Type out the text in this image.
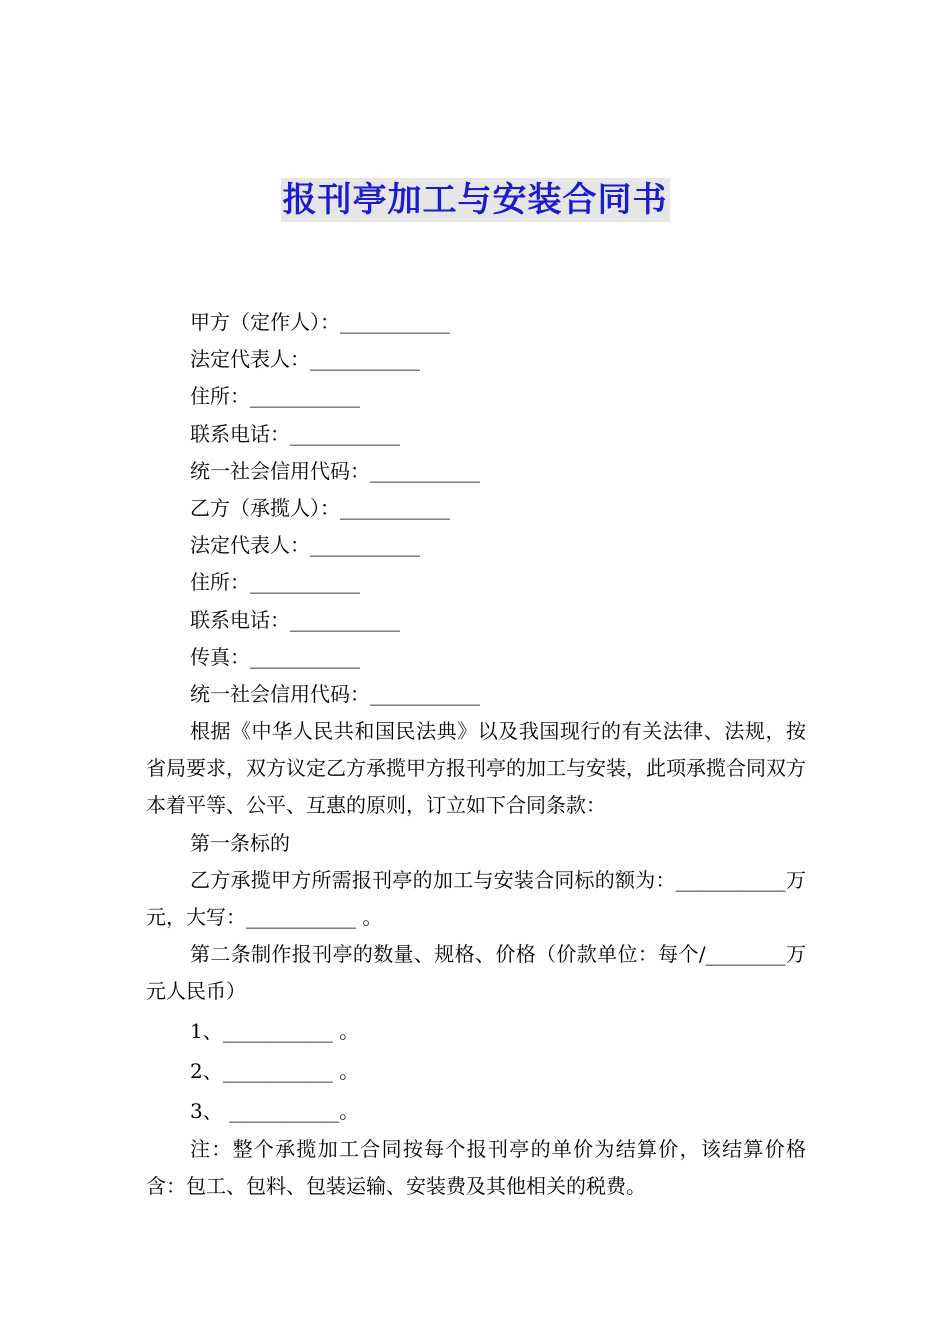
报刊亭加工与安装合同书
甲方（定作人）：___________
法定代表人：___________
住所：___________
联系电话：___________
统一社会信用代码：___________
乙方（承揽人）：___________
法定代表人：___________
住所：___________
联系电话：___________
传真：___________
统一社会信用代码：___________
根据《中华人民共和国民法典》以及我国现行的有关法律、法规，按省局要求，双方议定乙方承揽甲方报刊亭的加工与安装，此项承揽合同双方本着平等、公平、互惠的原则，订立如下合同条款：
第一条标的
乙方承揽甲方所需报刊亭的加工与安装合同标的额为：___________万元，大写：___________ 。
第二条制作报刊亭的数量、规格、价格（价款单位：每个/________万元人民币）
1、___________ 。
2、___________ 。
3、 ___________。
注：整个承揽加工合同按每个报刊亭的单价为结算价，该结算价格含：包工、包料、包装运输、安装费及其他相关的税费。
